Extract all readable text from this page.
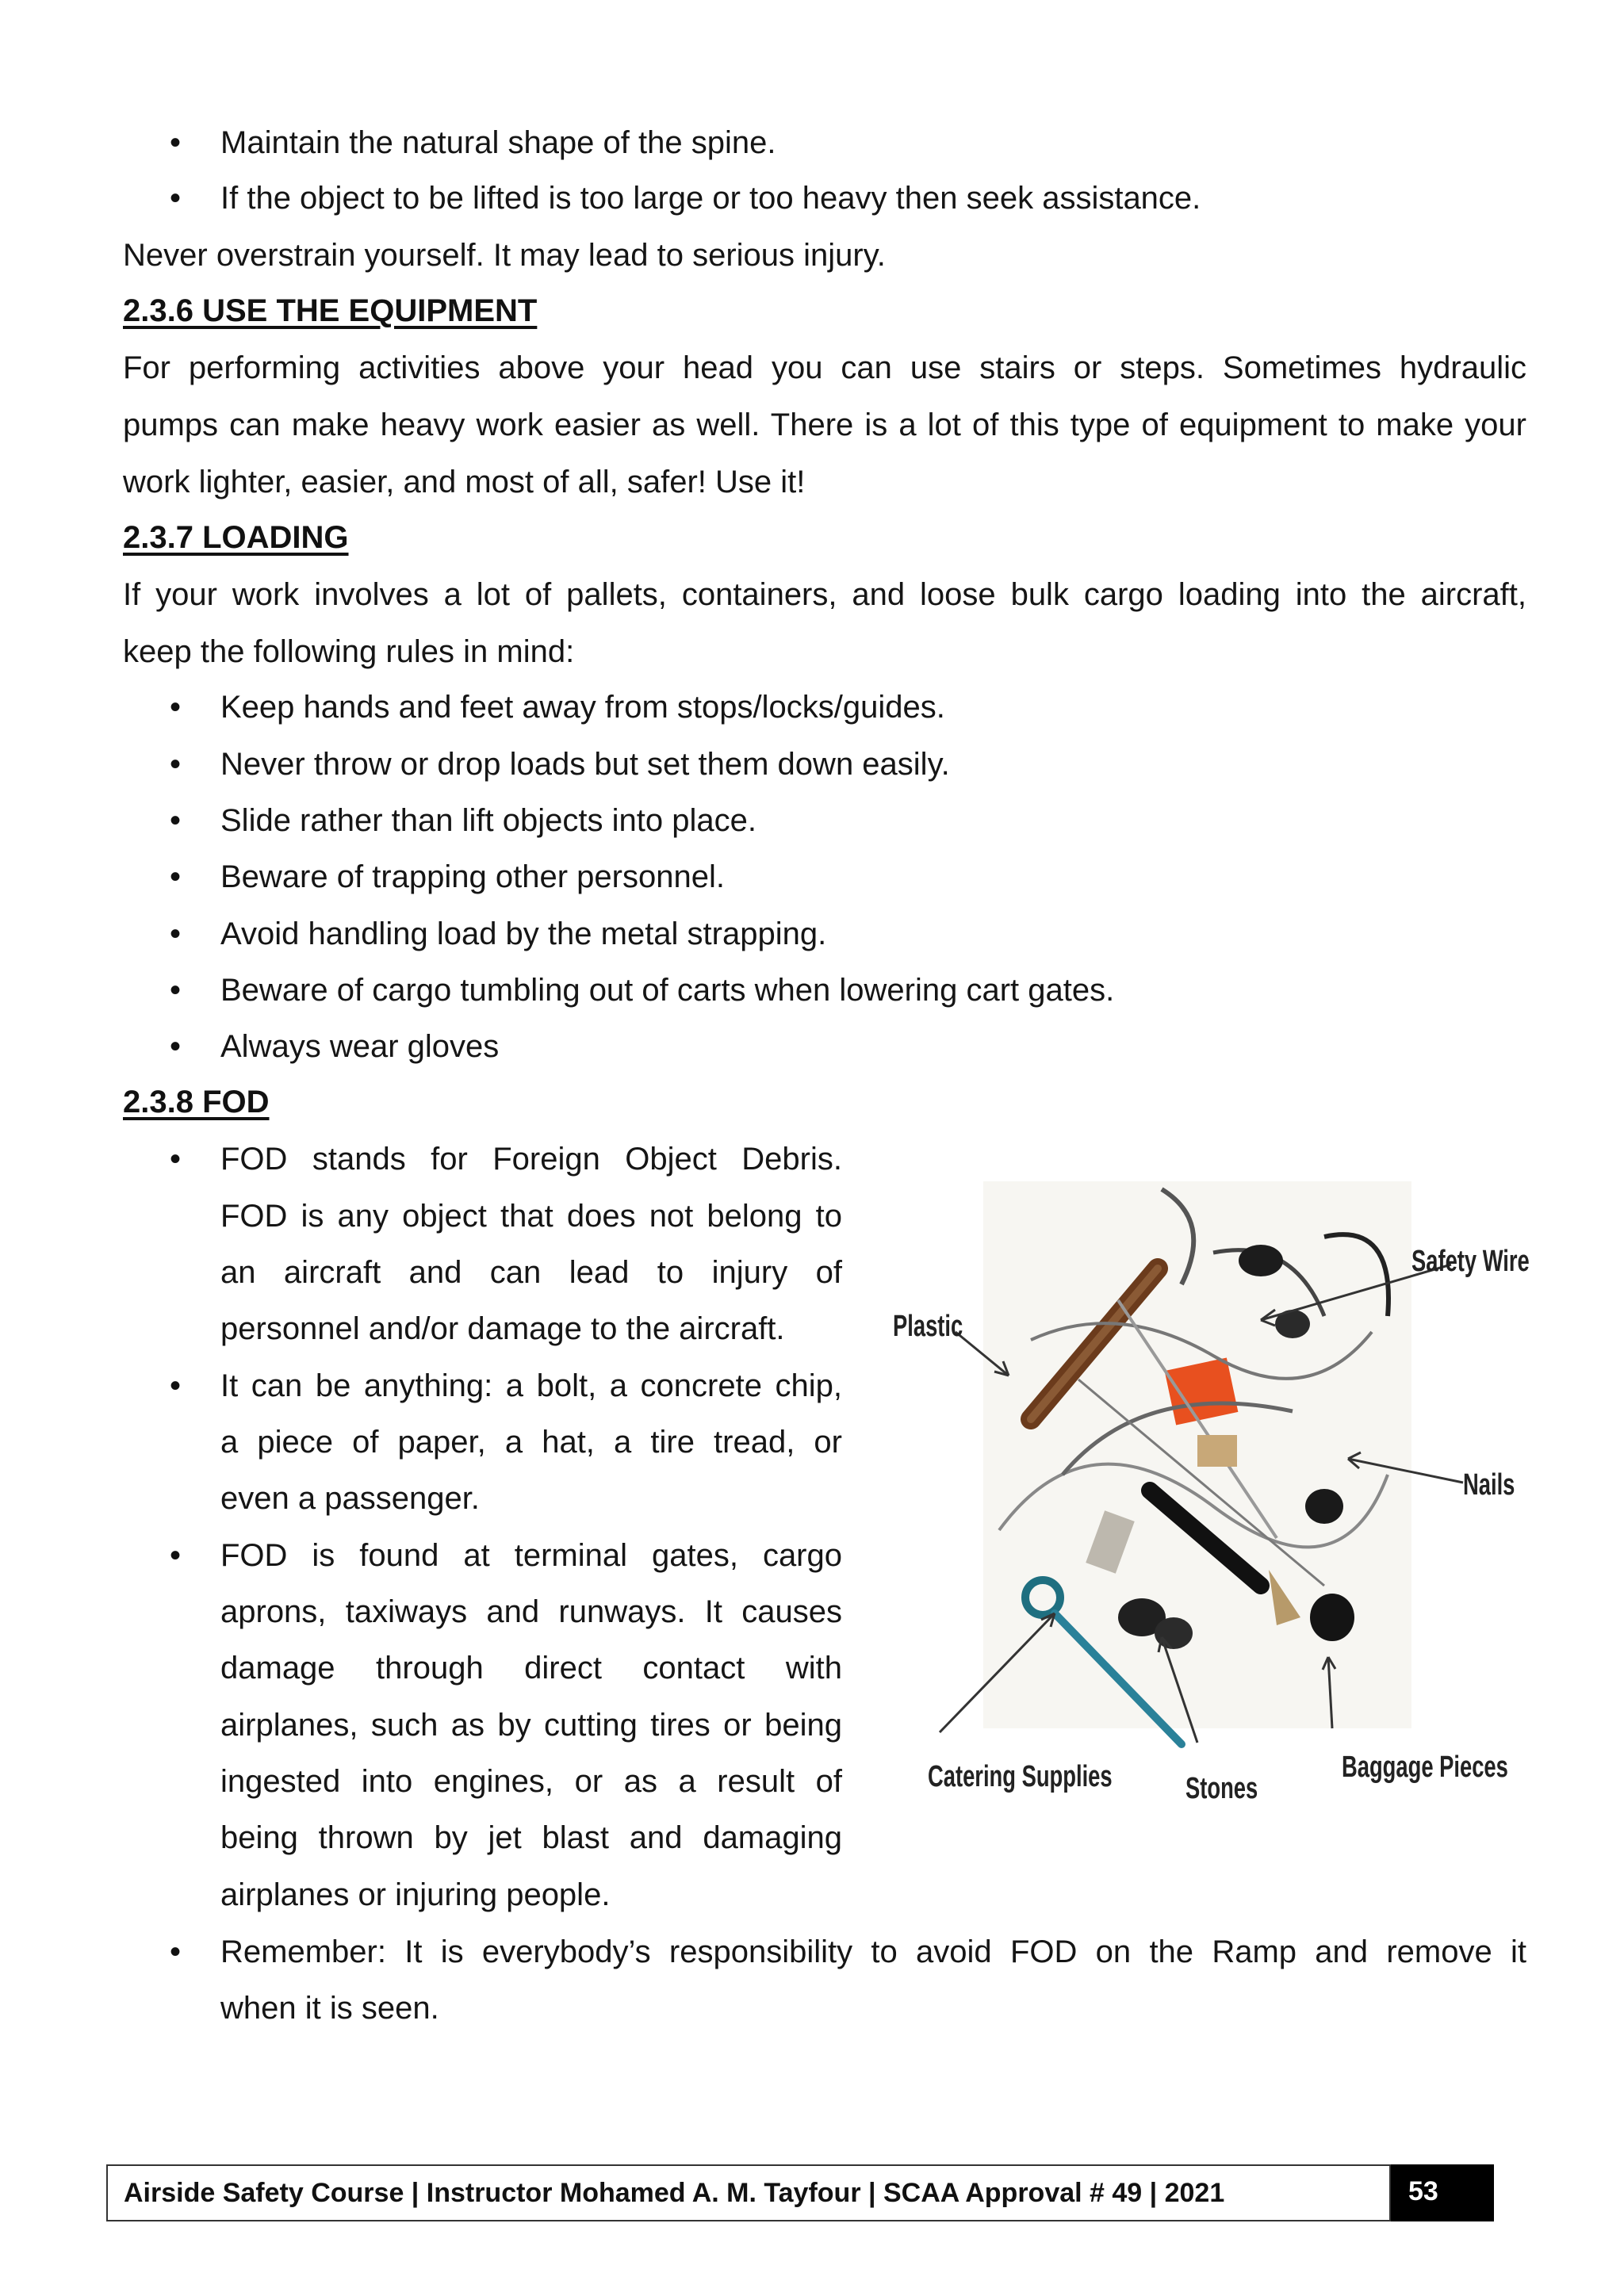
• Maintain the natural shape of the spine.
• If the object to be lifted is too large or too heavy then seek assistance.
Never overstrain yourself. It may lead to serious injury.
2.3.6 USE THE EQUIPMENT
For performing activities above your head you can use stairs or steps. Sometimes hydraulic
pumps can make heavy work easier as well. There is a lot of this type of equipment to make your
work lighter, easier, and most of all, safer! Use it!
2.3.7 LOADING
If your work involves a lot of pallets, containers, and loose bulk cargo loading into the aircraft,
keep the following rules in mind:
• Keep hands and feet away from stops/locks/guides.
• Never throw or drop loads but set them down easily.
• Slide rather than lift objects into place.
• Beware of trapping other personnel.
• Avoid handling load by the metal strapping.
• Beware of cargo tumbling out of carts when lowering cart gates.
• Always wear gloves
2.3.8 FOD
• FOD stands for Foreign Object Debris.
FOD is any object that does not belong to
an aircraft and can lead to injury of
personnel and/or damage to the aircraft.
• It can be anything: a bolt, a concrete chip,
a piece of paper, a hat, a tire tread, or
even a passenger.
• FOD is found at terminal gates, cargo
aprons, taxiways and runways. It causes
damage through direct contact with
airplanes, such as by cutting tires or being
ingested into engines, or as a result of
being thrown by jet blast and damaging
airplanes or injuring people.
• Remember: It is everybody’s responsibility to avoid FOD on the Ramp and remove it
when it is seen.
Safety Wire
Plastic
Nails
Catering Supplies Stones
Baggage Pieces
Airside Safety Course | Instructor Mohamed A. M. Tayfour | SCAA Approval # 49 | 2021	53
